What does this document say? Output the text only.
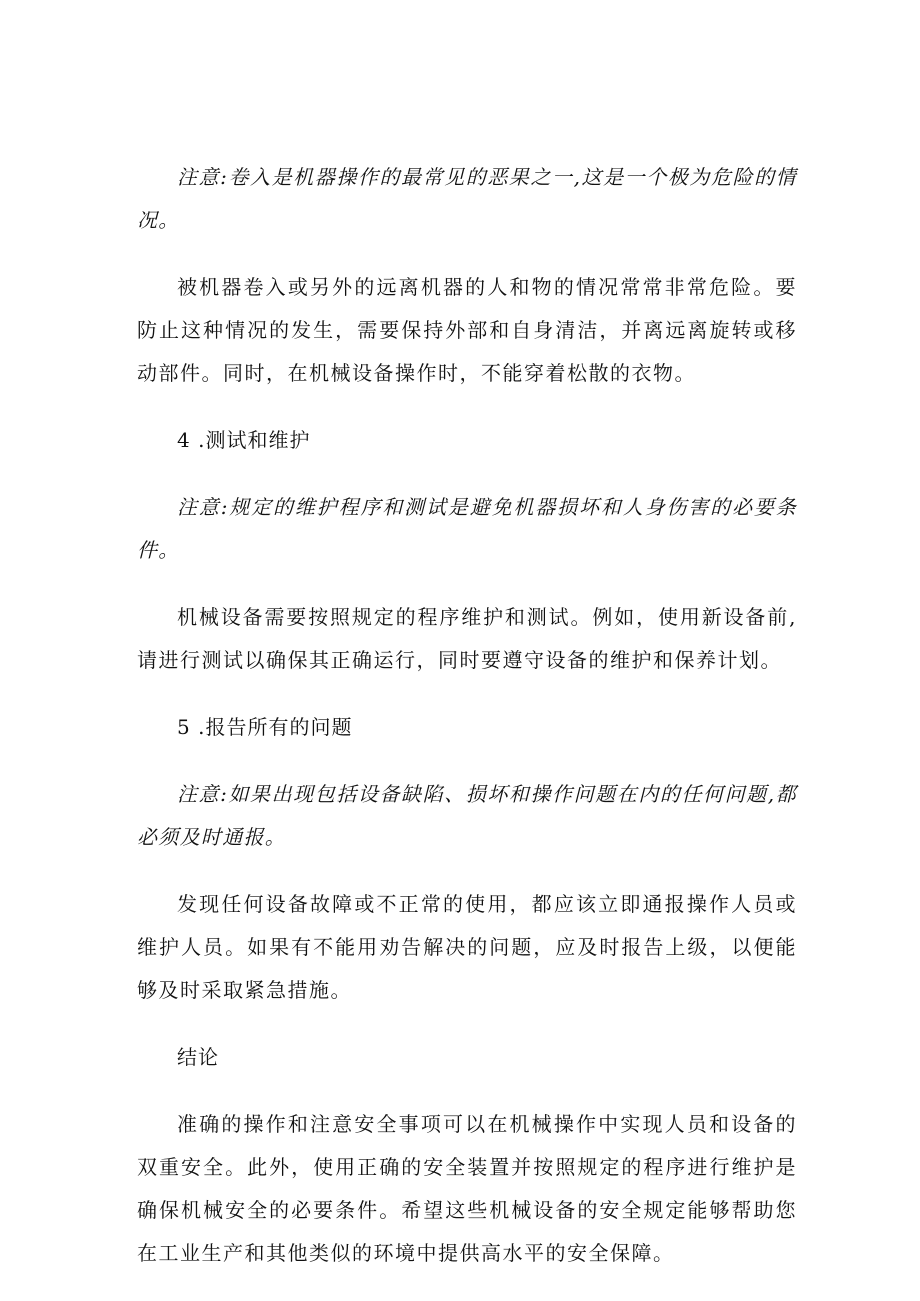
注意:卷入是机器操作的最常见的恶果之一,这是一个极为危险的情况。

被机器卷入或另外的远离机器的人和物的情况常常非常危险。要防止这种情况的发生，需要保持外部和自身清洁，并离远离旋转或移动部件。同时，在机械设备操作时，不能穿着松散的衣物。

4 .测试和维护

注意:规定的维护程序和测试是避免机器损坏和人身伤害的必要条件。

机械设备需要按照规定的程序维护和测试。例如，使用新设备前,请进行测试以确保其正确运行，同时要遵守设备的维护和保养计划。

5 .报告所有的问题

注意:如果出现包括设备缺陷、损坏和操作问题在内的任何问题,都必须及时通报。

发现任何设备故障或不正常的使用，都应该立即通报操作人员或维护人员。如果有不能用劝告解决的问题，应及时报告上级，以便能够及时采取紧急措施。

结论

准确的操作和注意安全事项可以在机械操作中实现人员和设备的双重安全。此外，使用正确的安全装置并按照规定的程序进行维护是确保机械安全的必要条件。希望这些机械设备的安全规定能够帮助您在工业生产和其他类似的环境中提供高水平的安全保障。
